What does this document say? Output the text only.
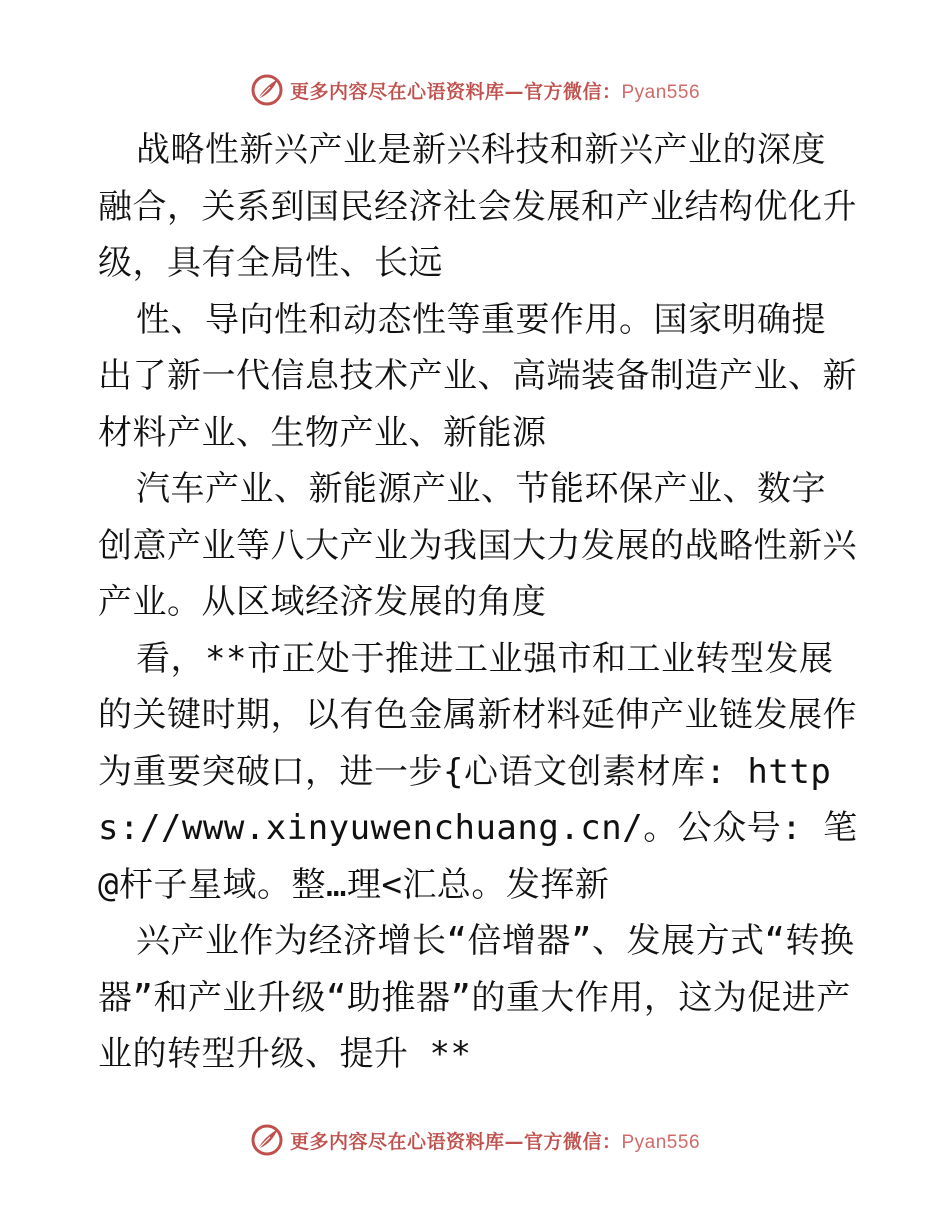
更多内容尽在心语资料库—官方微信：Pyan556

战略性新兴产业是新兴科技和新兴产业的深度融合，关系到国民经济社会发展和产业结构优化升级，具有全局性、长远

性、导向性和动态性等重要作用。国家明确提出了新一代信息技术产业、高端装备制造产业、新材料产业、生物产业、新能源

汽车产业、新能源产业、节能环保产业、数字创意产业等八大产业为我国大力发展的战略性新兴产业。从区域经济发展的角度

看，**市正处于推进工业强市和工业转型发展的关键时期，以有色金属新材料延伸产业链发展作为重要突破口，进一步{心语文创素材库: https://www.xinyuwenchuang.cn/。公众号: 笔@杆子星域。整…理<汇总。发挥新

兴产业作为经济增长“倍增器”、发展方式“转换器”和产业升级“助推器”的重大作用，这为促进产业的转型升级、提升 **

更多内容尽在心语资料库—官方微信：Pyan556
